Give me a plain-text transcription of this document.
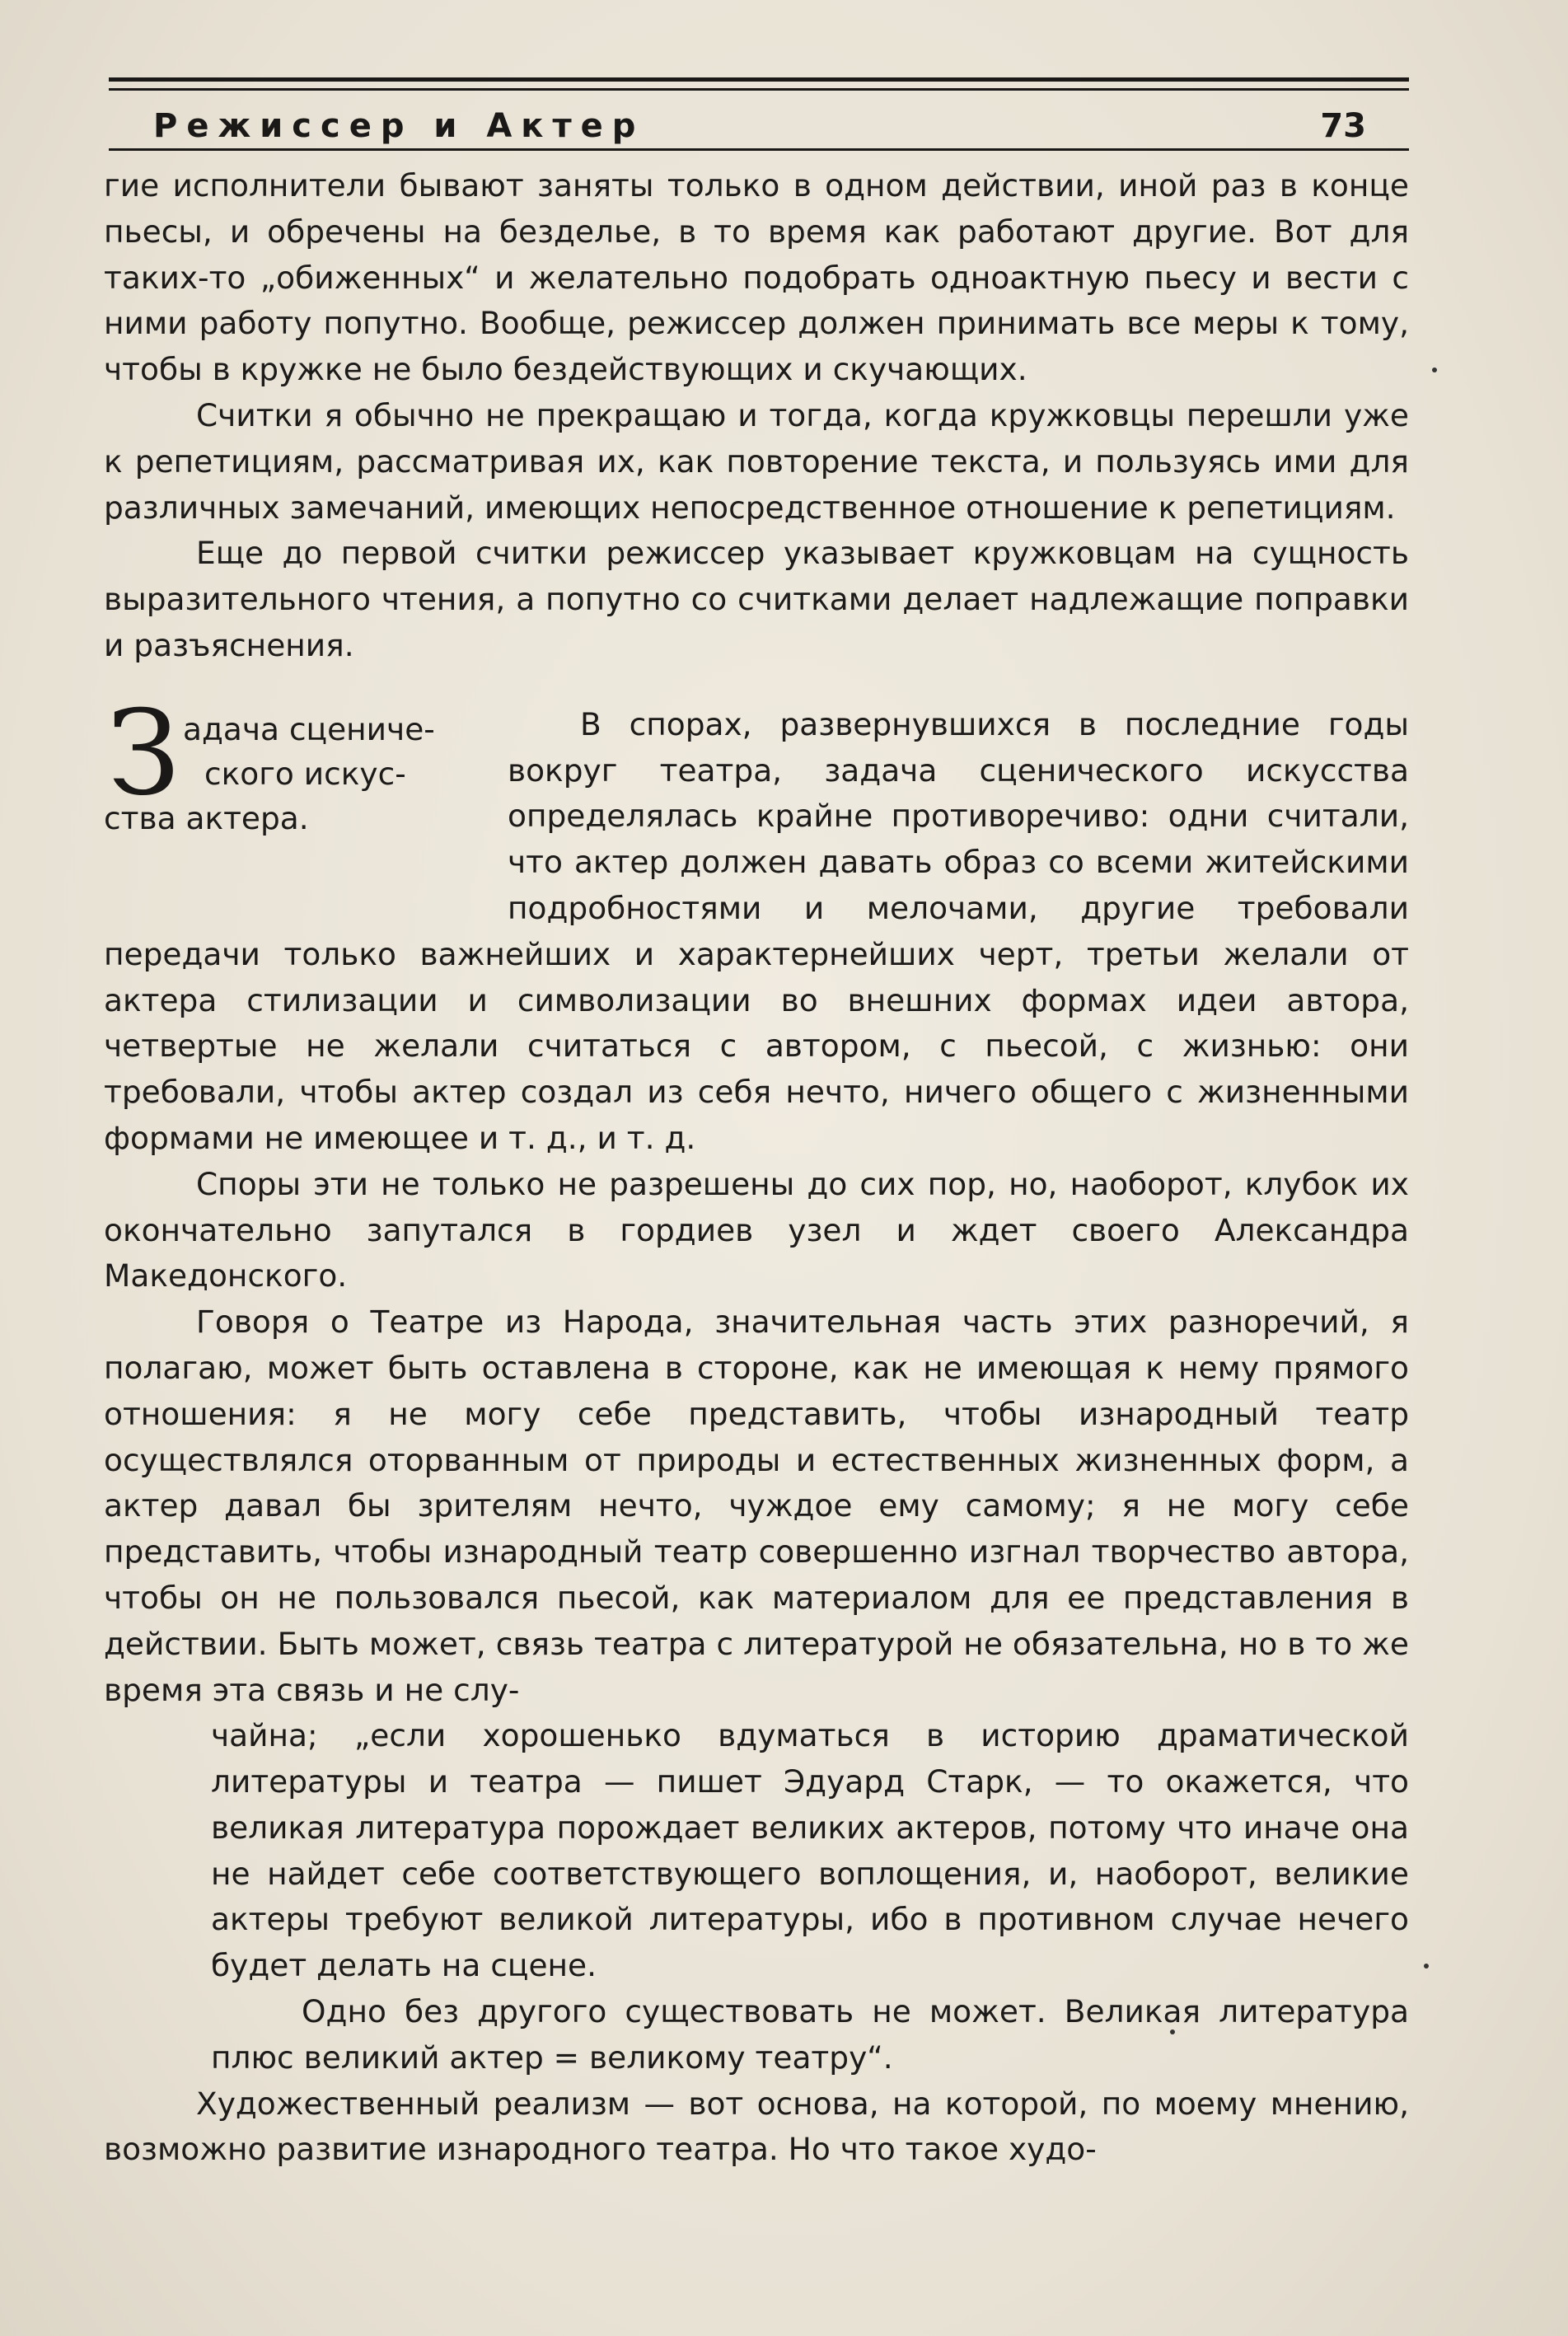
Режиссер и Актер	73

гие исполнители бывают заняты только в одном действии, иной раз в конце пьесы, и обречены на безделье, в то время как работают другие. Вот для таких-то „обиженных“ и желательно подобрать одноактную пьесу и вести с ними работу попутно. Вообще, режиссер должен принимать все меры к тому, чтобы в кружке не было бездействующих и скучающих.

Считки я обычно не прекращаю и тогда, когда кружковцы перешли уже к репетициям, рассматривая их, как повторение текста, и пользуясь ими для различных замечаний, имеющих непосредственное отношение к репетициям.

Еще до первой считки режиссер указывает кружковцам на сущность выразительного чтения, а попутно со считками делает надлежащие поправки и разъяснения.

З адача сцениче-
ского искус-
ства актера.

В спорах, развернувшихся в последние годы вокруг театра, задача сценического искусства определялась крайне противоречиво: одни считали, что актер должен давать образ со всеми житейскими подробностями и мелочами, другие требовали передачи только важнейших и характернейших черт, третьи желали от актера стилизации и символизации во внешних формах идеи автора, четвертые не желали считаться с автором, с пьесой, с жизнью: они требовали, чтобы актер создал из себя нечто, ничего общего с жизненными формами не имеющее и т. д., и т. д.

Споры эти не только не разрешены до сих пор, но, наоборот, клубок их окончательно запутался в гордиев узел и ждет своего Александра Македонского.

Говоря о Театре из Народа, значительная часть этих разноречий, я полагаю, может быть оставлена в стороне, как не имеющая к нему прямого отношения: я не могу себе представить, чтобы изнародный театр осуществлялся оторванным от природы и естественных жизненных форм, а актер давал бы зрителям нечто, чуждое ему самому; я не могу себе представить, чтобы изнародный театр совершенно изгнал творчество автора, чтобы он не пользовался пьесой, как материалом для ее представления в действии. Быть может, связь театра с литературой не обязательна, но в то же время эта связь и не слу-

чайна; „если хорошенько вдуматься в историю драматической литературы и театра — пишет Эдуард Старк, — то окажется, что великая литература порождает великих актеров, потому что иначе она не найдет себе соответствующего воплощения, и, наоборот, великие актеры требуют великой литературы, ибо в противном случае нечего будет делать на сцене.

Одно без другого существовать не может. Великая литература плюс великий актер = великому театру“.

Художественный реализм — вот основа, на которой, по моему мнению, возможно развитие изнародного театра. Но что такое худо-
